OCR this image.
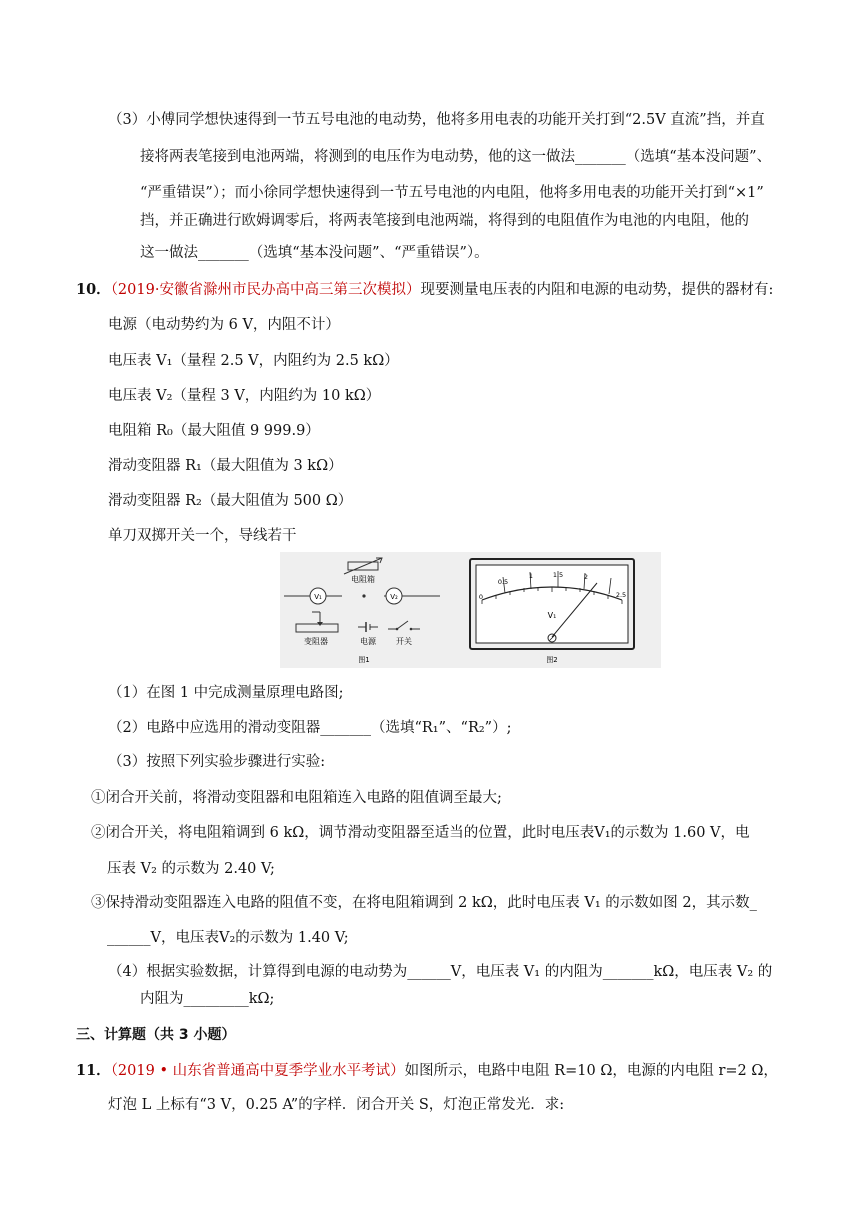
（3）小傅同学想快速得到一节五号电池的电动势，他将多用电表的功能开关打到“2.5V 直流”挡，并直
接将两表笔接到电池两端，将测到的电压作为电动势，他的这一做法_______（选填“基本没问题”、
“严重错误”）；而小徐同学想快速得到一节五号电池的内电阻，他将多用电表的功能开关打到“×1”
挡，并正确进行欧姆调零后，将两表笔接到电池两端，将得到的电阻值作为电池的内电阻，他的
这一做法_______（选填“基本没问题”、“严重错误”）。
10．（2019·安徽省滁州市民办高中高三第三次模拟）现要测量电压表的内阻和电源的电动势，提供的器材有:
电源（电动势约为 6 V，内阻不计）
电压表 V₁（量程 2.5 V，内阻约为 2.5 kΩ）
电压表 V₂（量程 3 V，内阻约为 10 kΩ）
电阻箱 R₀（最大阻值 9 999.9）
滑动变阻器 R₁（最大阻值为 3 kΩ）
滑动变阻器 R₂（最大阻值为 500 Ω）
单刀双掷开关一个，导线若干
电阻箱
V₁	V₂
变阻器	电源	开关
图1
0
0.5
1	1.5	2
2.5
V₁
图2
（1）在图 1 中完成测量原理电路图;
（2）电路中应选用的滑动变阻器_______（选填“R₁”、“R₂”）;
（3）按照下列实验步骤进行实验:
①闭合开关前，将滑动变阻器和电阻箱连入电路的阻值调至最大;
②闭合开关，将电阻箱调到 6 kΩ，调节滑动变阻器至适当的位置，此时电压表V₁的示数为 1.60 V，电
压表 V₂ 的示数为 2.40 V;
③保持滑动变阻器连入电路的阻值不变，在将电阻箱调到 2 kΩ，此时电压表 V₁ 的示数如图 2，其示数_
______V，电压表V₂的示数为 1.40 V;
（4）根据实验数据，计算得到电源的电动势为______V，电压表 V₁ 的内阻为_______kΩ，电压表 V₂ 的
内阻为_________kΩ;
三、计算题（共 3 小题）
11．（2019 • 山东省普通高中夏季学业水平考试）如图所示，电路中电阻 R=10 Ω，电源的内电阻 r=2 Ω，
灯泡 L 上标有“3 V，0.25 A”的字样．闭合开关 S，灯泡正常发光．求:
